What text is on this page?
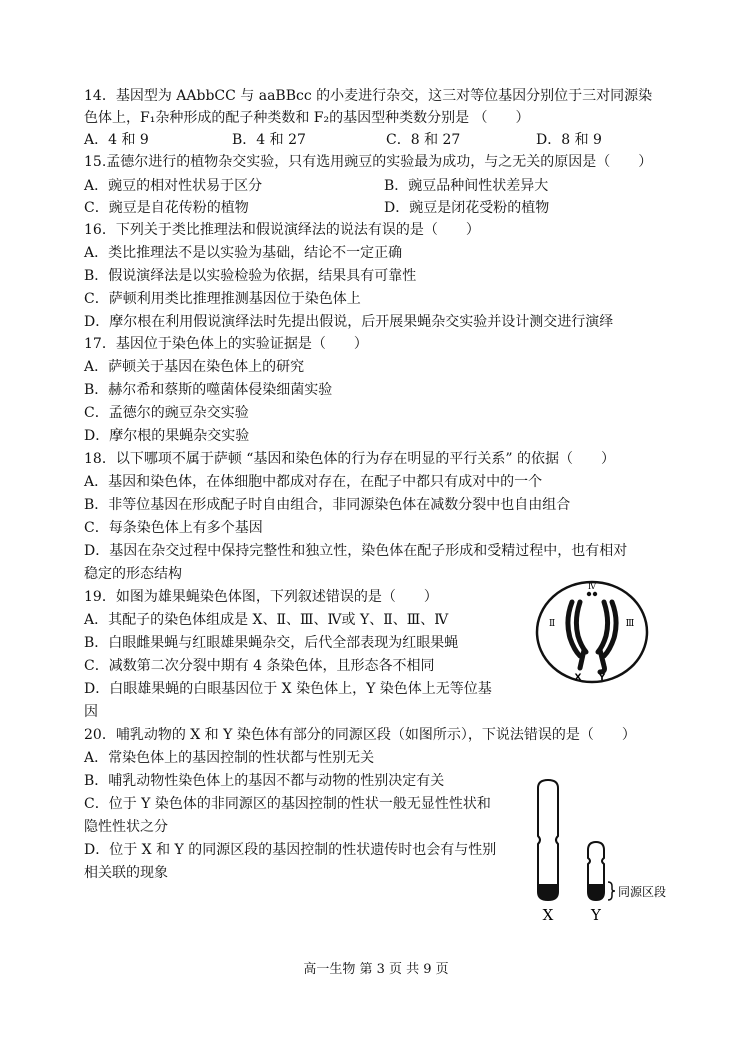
14．基因型为 AAbbCC 与 aaBBcc 的小麦进行杂交，这三对等位基因分别位于三对同源染
色体上，F₁杂种形成的配子种类数和 F₂的基因型种类数分别是 （　　）
A．4 和 9	B．4 和 27	C．8 和 27	D．8 和 9
15.孟德尔进行的植物杂交实验，只有选用豌豆的实验最为成功，与之无关的原因是（　　）
A．豌豆的相对性状易于区分	B．豌豆品种间性状差异大
C．豌豆是自花传粉的植物	D．豌豆是闭花受粉的植物
16．下列关于类比推理法和假说演绎法的说法有误的是（　　）
A．类比推理法不是以实验为基础，结论不一定正确
B．假说演绎法是以实验检验为依据，结果具有可靠性
C．萨顿利用类比推理推测基因位于染色体上
D．摩尔根在利用假说演绎法时先提出假说，后开展果蝇杂交实验并设计测交进行演绎
17．基因位于染色体上的实验证据是（　　）
A．萨顿关于基因在染色体上的研究
B．赫尔希和蔡斯的噬菌体侵染细菌实验
C．孟德尔的豌豆杂交实验
D．摩尔根的果蝇杂交实验
18．以下哪项不属于萨顿 “基因和染色体的行为存在明显的平行关系” 的依据（　　）
A．基因和染色体，在体细胞中都成对存在，在配子中都只有成对中的一个
B．非等位基因在形成配子时自由组合，非同源染色体在减数分裂中也自由组合
C．每条染色体上有多个基因
D．基因在杂交过程中保持完整性和独立性，染色体在配子形成和受精过程中，也有相对
稳定的形态结构
19．如图为雄果蝇染色体图，下列叙述错误的是（　　）
A．其配子的染色体组成是 X、Ⅱ、Ⅲ、Ⅳ或 Y、Ⅱ、Ⅲ、Ⅳ
B．白眼雌果蝇与红眼雄果蝇杂交，后代全部表现为红眼果蝇
C．减数第二次分裂中期有 4 条染色体，且形态各不相同
D．白眼雄果蝇的白眼基因位于 X 染色体上，Y 染色体上无等位基
因
Ⅳ
Ⅱ	Ⅲ
X Y
20．哺乳动物的 X 和 Y 染色体有部分的同源区段（如图所示），下说法错误的是（　　）
A．常染色体上的基因控制的性状都与性别无关
B．哺乳动物性染色体上的基因不都与动物的性别决定有关
C．位于 Y 染色体的非同源区的基因控制的性状一般无显性性状和
隐性性状之分
D．位于 X 和 Y 的同源区段的基因控制的性状遗传时也会有与性别
相关联的现象
同源区段
X	Y
高一生物 第 3 页 共 9 页
